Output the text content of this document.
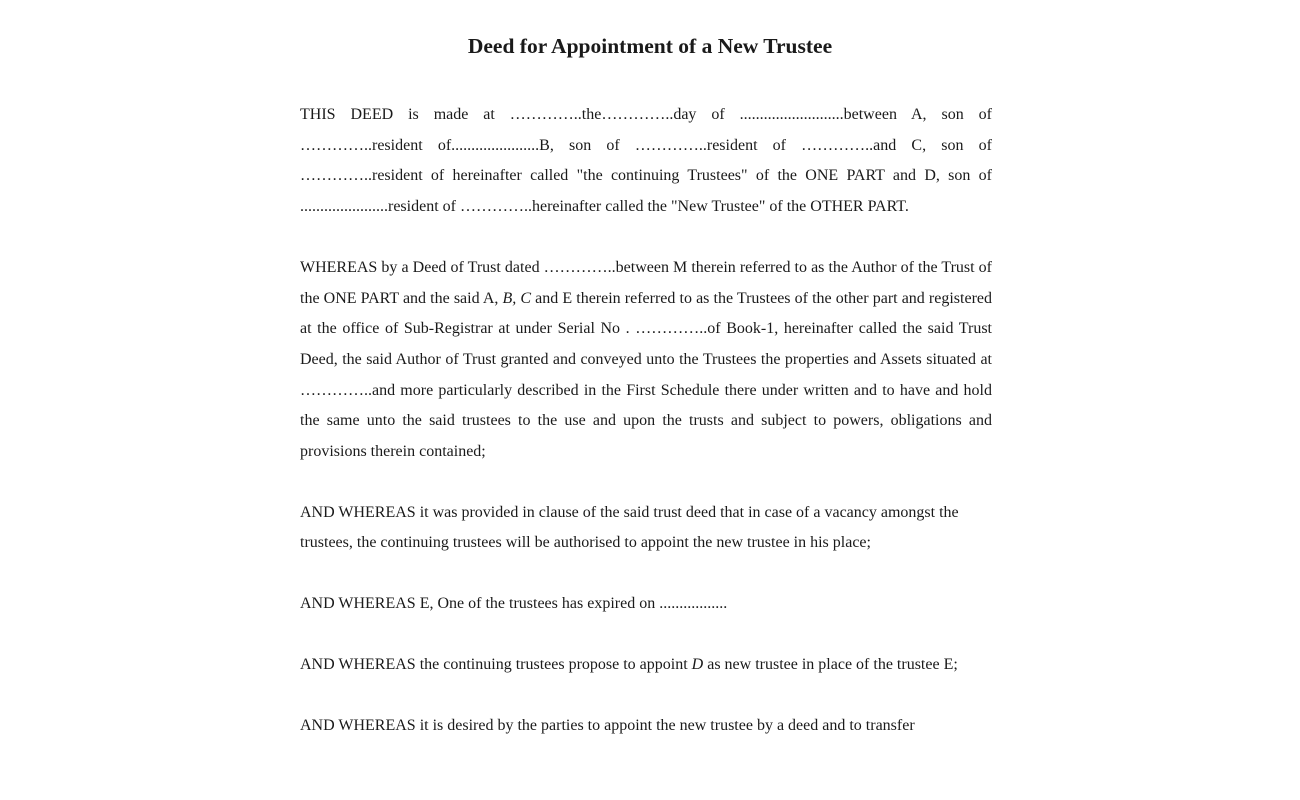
Deed for Appointment of a New Trustee

THIS DEED is made at …………..the…………..day of ..........................between A, son of …………..resident of......................B, son of …………..resident of …………..and C, son of …………..resident of hereinafter called "the continuing Trustees" of the ONE PART and D, son of ......................resident of …………..hereinafter called the "New Trustee" of the OTHER PART.

WHEREAS by a Deed of Trust dated …………..between M therein referred to as the Author of the Trust of the ONE PART and the said A, B, C and E therein referred to as the Trustees of the other part and registered at the office of Sub-Registrar at under Serial No . …………..of Book-1, hereinafter called the said Trust Deed, the said Author of Trust granted and conveyed unto the Trustees the properties and Assets situated at …………..and more particularly described in the First Schedule there under written and to have and hold the same unto the said trustees to the use and upon the trusts and subject to powers, obligations and provisions therein contained;

AND WHEREAS it was provided in clause of the said trust deed that in case of a vacancy amongst the trustees, the continuing trustees will be authorised to appoint the new trustee in his place;

AND WHEREAS E, One of the trustees has expired on .................

AND WHEREAS the continuing trustees propose to appoint D as new trustee in place of the trustee E;

AND WHEREAS it is desired by the parties to appoint the new trustee by a deed and to transfer
